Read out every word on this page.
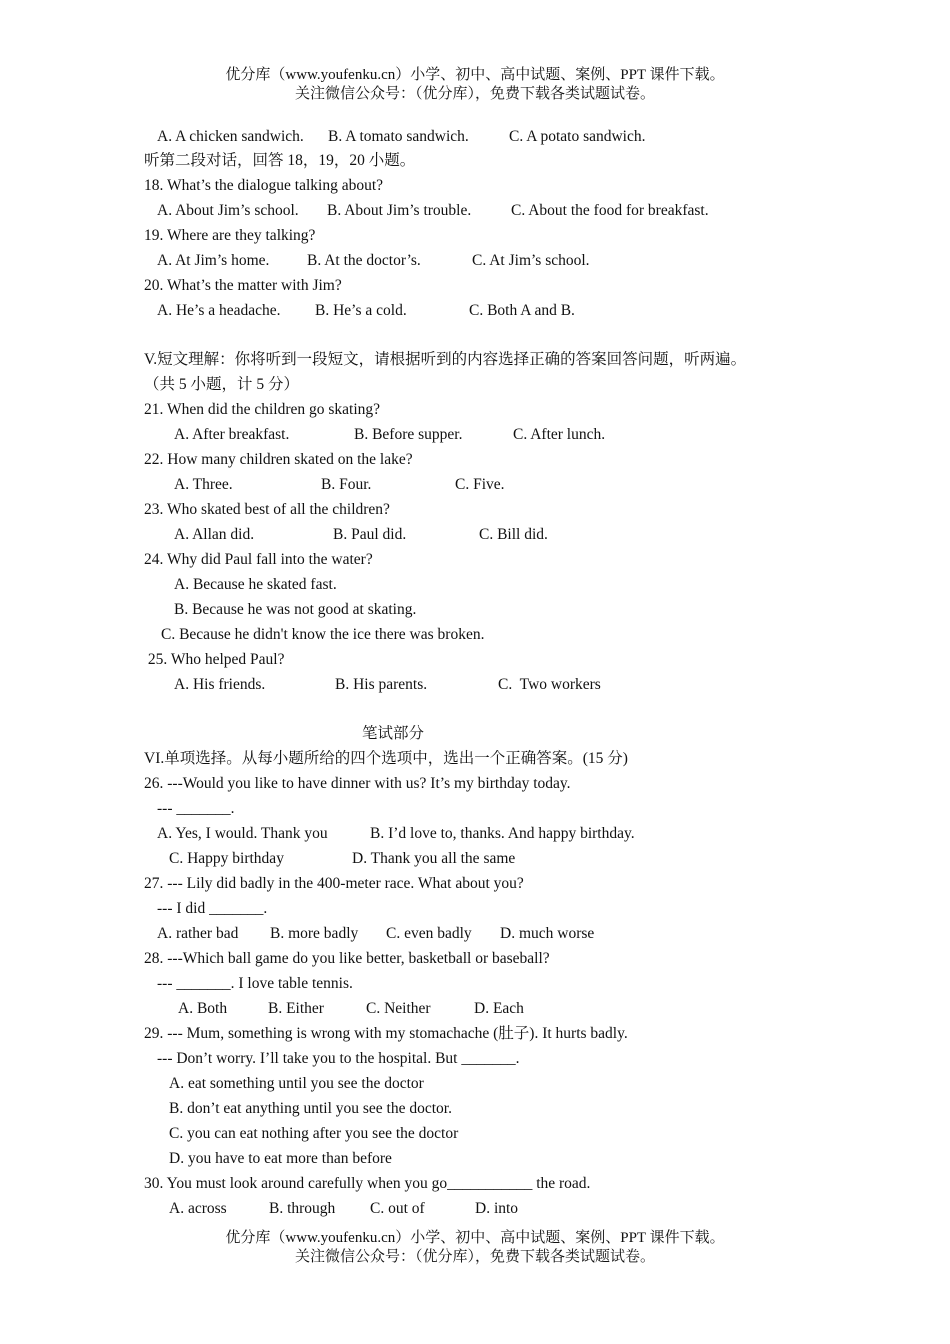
优分库（www.youfenku.cn）小学、初中、高中试题、案例、PPT 课件下载。
关注微信公众号：（优分库），免费下载各类试题试卷。
A. A chicken sandwich. B. A tomato sandwich.	C. A potato sandwich.
听第二段对话，回答 18，19，20 小题。
18. What’s the dialogue talking about?
A. About Jim’s school. B. About Jim’s trouble.	C. About the food for breakfast.
19. Where are they talking?
A. At Jim’s home. B. At the doctor’s.	C. At Jim’s school.
20. What’s the matter with Jim?
A. He’s a headache. B. He’s a cold.	C. Both A and B.
V.短文理解：你将听到一段短文，请根据听到的内容选择正确的答案回答问题，听两遍。
（共 5 小题，计 5 分）
21. When did the children go skating?
A. After breakfast.	B. Before supper.	C. After lunch.
22. How many children skated on the lake?
A. Three.	B. Four.	C. Five.
23. Who skated best of all the children?
A. Allan did.	B. Paul did.	C. Bill did.
24. Why did Paul fall into the water?
A. Because he skated fast.
B. Because he was not good at skating.
C. Because he didn't know the ice there was broken.
25. Who helped Paul?
A. His friends.	B. His parents.	C.  Two workers
笔试部分
VI.单项选择。从每小题所给的四个选项中，选出一个正确答案。(15 分)
26. ---Would you like to have dinner with us? It’s my birthday today.
--- _______.
A. Yes, I would. Thank you	B. I’d love to, thanks. And happy birthday.
C. Happy birthday	D. Thank you all the same
27. --- Lily did badly in the 400-meter race. What about you?
--- I did _______.
A. rather bad B. more badly C. even badly D. much worse
28. ---Which ball game do you like better, basketball or baseball?
--- _______. I love table tennis.
A. Both	B. Either	C. Neither	D. Each
29. --- Mum, something is wrong with my stomachache (肚子). It hurts badly.
--- Don’t worry. I’ll take you to the hospital. But _______.
A. eat something until you see the doctor
B. don’t eat anything until you see the doctor.
C. you can eat nothing after you see the doctor
D. you have to eat more than before
30. You must look around carefully when you go___________ the road.
A. across	B. through C. out of	D. into
优分库（www.youfenku.cn）小学、初中、高中试题、案例、PPT 课件下载。
关注微信公众号：（优分库），免费下载各类试题试卷。
